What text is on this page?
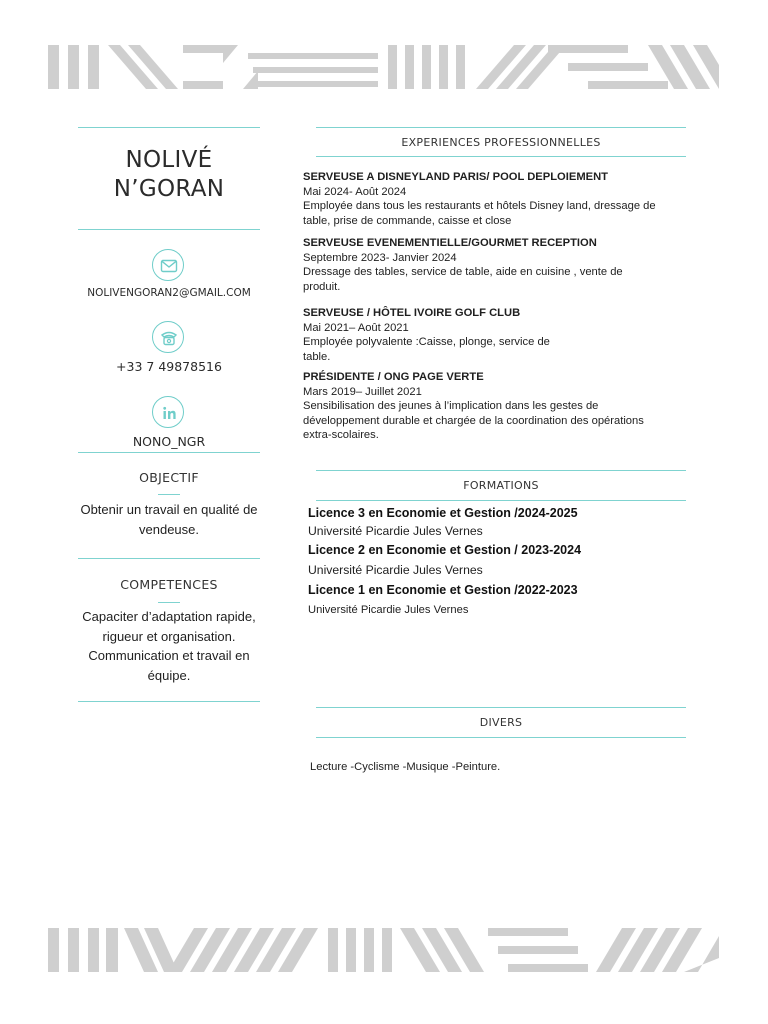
NOLIVÉ
N’GORAN
NOLIVENGORAN2@GMAIL.COM
+33 7 49878516
NONO_NGR
OBJECTIF
Obtenir un travail en qualité de
vendeuse.
COMPETENCES
Capaciter d’adaptation rapide,
rigueur et organisation.
Communication et travail en
équipe.
EXPERIENCES PROFESSIONNELLES
SERVEUSE A DISNEYLAND PARIS/ POOL DEPLOIEMENT
Mai 2024- Août 2024
Employée dans tous les restaurants et hôtels Disney land, dressage de
table, prise de commande, caisse et close
SERVEUSE EVENEMENTIELLE/GOURMET RECEPTION
Septembre 2023- Janvier 2024
Dressage des tables, service de table, aide en cuisine , vente de
produit.
SERVEUSE / HÔTEL IVOIRE GOLF CLUB
Mai 2021– Août 2021
Employée polyvalente :Caisse, plonge, service de
table.
PRÉSIDENTE / ONG PAGE VERTE
Mars 2019– Juillet 2021
Sensibilisation des jeunes à l’implication dans les gestes de
développement durable et chargée de la coordination des opérations
extra-scolaires.
FORMATIONS
Licence 3 en Economie et Gestion /2024-2025
Université Picardie Jules Vernes
Licence 2 en Economie et Gestion / 2023-2024
Université Picardie Jules Vernes
Licence 1 en Economie et Gestion /2022-2023
Université Picardie Jules Vernes
DIVERS
Lecture -Cyclisme -Musique -Peinture.
